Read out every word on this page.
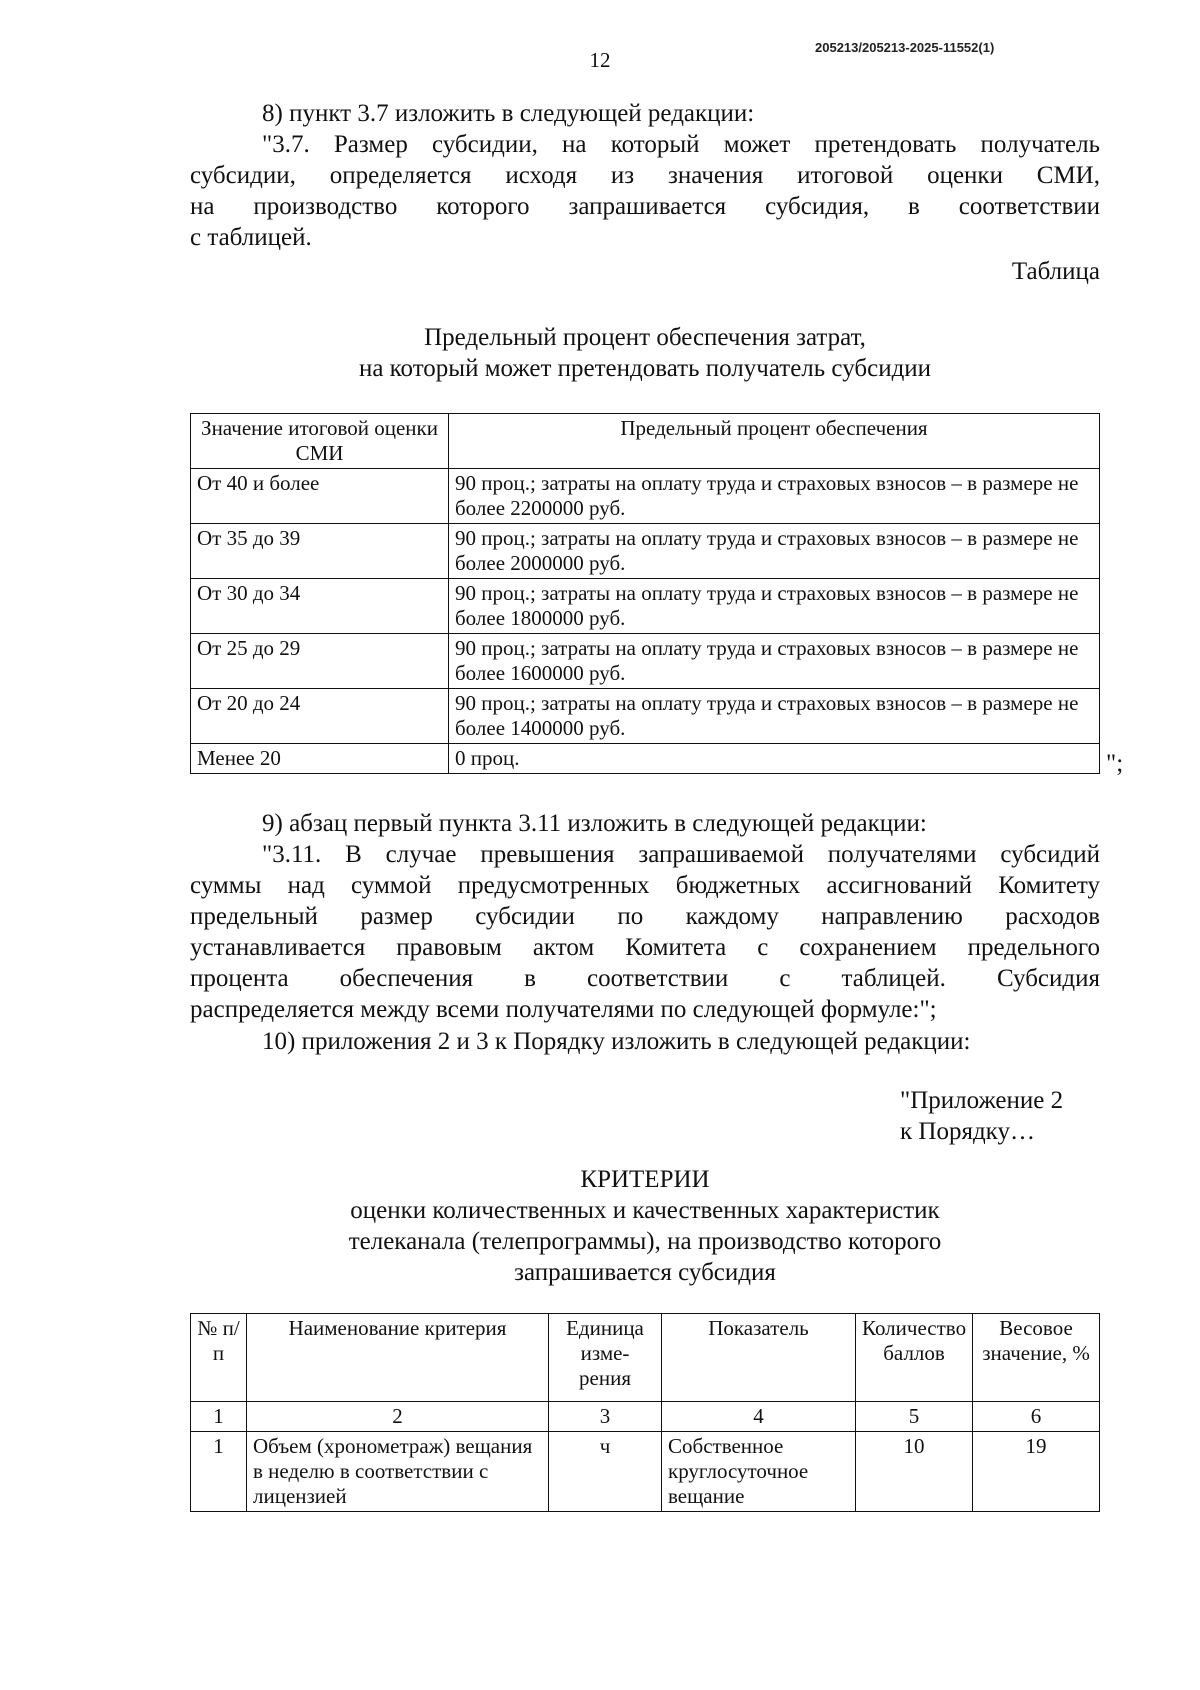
12
205213/205213-2025-11552(1)
8) пункт 3.7 изложить в следующей редакции:
"3.7. Размер субсидии, на который может претендовать получатель
субсидии, определяется исходя из значения итоговой оценки СМИ,
на производство которого запрашивается субсидия, в соответствии
с таблицей.
Таблица
Предельный процент обеспечения затрат,
на который может претендовать получатель субсидии
Значение итоговой оценки СМИ	Предельный процент обеспечения
От 40 и более	90 проц.; затраты на оплату труда и страховых взносов – в размере не более 2200000 руб.
От 35 до 39	90 проц.; затраты на оплату труда и страховых взносов – в размере не более 2000000 руб.
От 30 до 34	90 проц.; затраты на оплату труда и страховых взносов – в размере не более 1800000 руб.
От 25 до 29	90 проц.; затраты на оплату труда и страховых взносов – в размере не более 1600000 руб.
От 20 до 24	90 проц.; затраты на оплату труда и страховых взносов – в размере не более 1400000 руб.
Менее 20	0 проц.	";
9) абзац первый пункта 3.11 изложить в следующей редакции:
"3.11. В случае превышения запрашиваемой получателями субсидий
суммы над суммой предусмотренных бюджетных ассигнований Комитету
предельный размер субсидии по каждому направлению расходов
устанавливается правовым актом Комитета с сохранением предельного
процента обеспечения в соответствии с таблицей. Субсидия
распределяется между всеми получателями по следующей формуле:";
10) приложения 2 и 3 к Порядку изложить в следующей редакции:
"Приложение 2
к Порядку…
КРИТЕРИИ
оценки количественных и качественных характеристик
телеканала (телепрограммы), на производство которого
запрашивается субсидия
№ п/п	Наименование критерия	Единица изме-рения	Показатель	Количество баллов	Весовое значение, %
1	2	3	4	5	6
1	Объем (хронометраж) вещания в неделю в соответствии с лицензией	ч	Собственное круглосуточное вещание	10	19
